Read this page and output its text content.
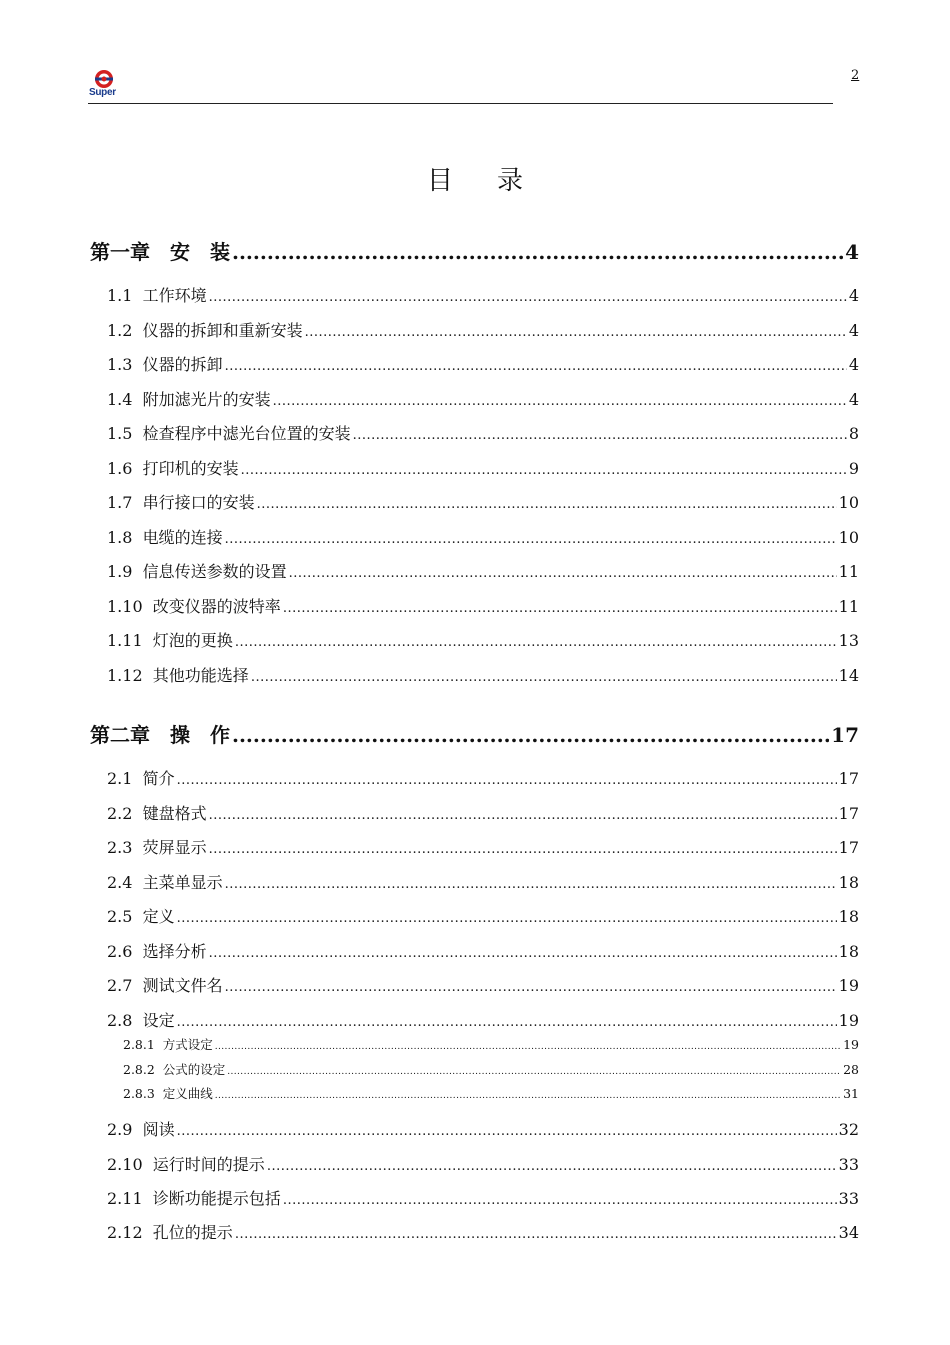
Super
2
目录
第一章　安　装 .....	4
1.1  工作环境 .....	4
1.2  仪器的拆卸和重新安装 .....	4
1.3  仪器的拆卸 .....	4
1.4  附加滤光片的安装 .....	4
1.5  检查程序中滤光台位置的安装 .....	8
1.6  打印机的安装 .....	9
1.7  串行接口的安装 .....	10
1.8  电缆的连接 .....	10
1.9  信息传送参数的设置 .....	11
1.10  改变仪器的波特率 .....	11
1.11  灯泡的更换 .....	13
1.12  其他功能选择 .....	14
第二章　操　作 .....	17
2.1  简介 .....	17
2.2  键盘格式 .....	17
2.3  荧屏显示 .....	17
2.4  主菜单显示 .....	18
2.5  定义 .....	18
2.6  选择分析 .....	18
2.7  测试文件名 .....	19
2.8  设定 .....	19
2.8.1  方式设定 .....	19
2.8.2  公式的设定 .....	28
2.8.3  定义曲线 .....	31
2.9  阅读 .....	32
2.10  运行时间的提示 .....	33
2.11  诊断功能提示包括 .....	33
2.12  孔位的提示 .....	34
